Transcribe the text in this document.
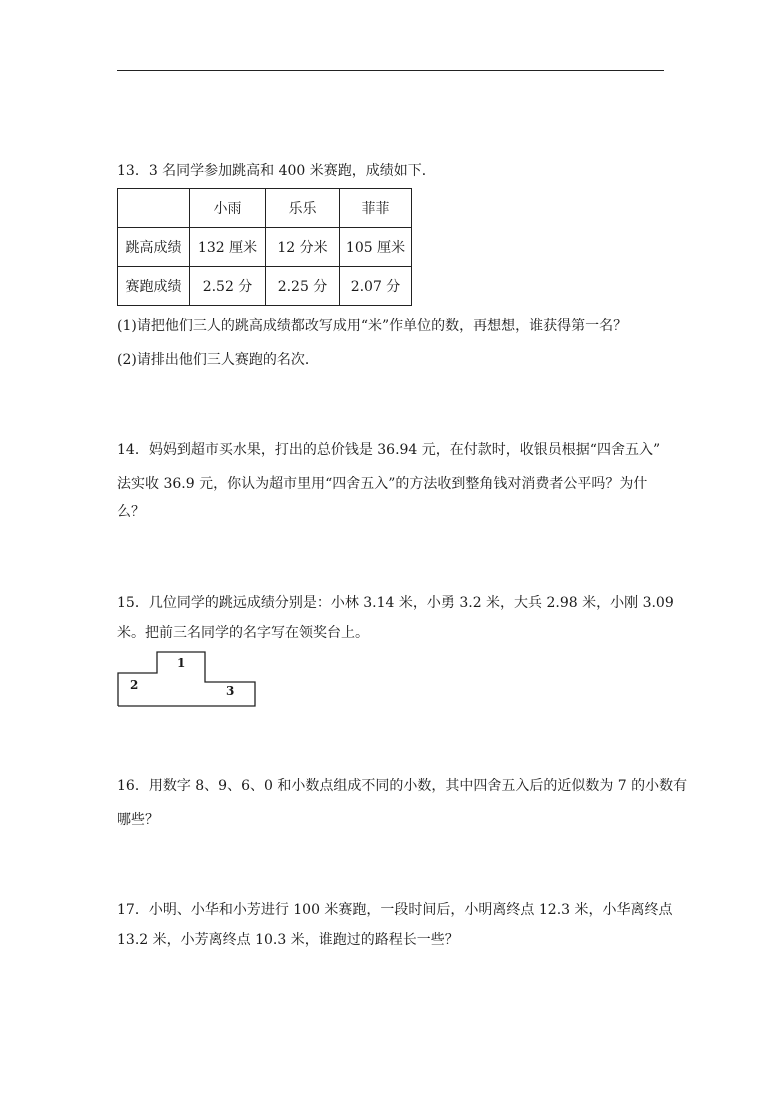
13．3 名同学参加跳高和 400 米赛跑，成绩如下．
	小雨	乐乐	菲菲
跳高成绩	132 厘米	12 分米	105 厘米
赛跑成绩	2.52 分	2.25 分	2.07 分
(1)请把他们三人的跳高成绩都改写成用“米”作单位的数，再想想，谁获得第一名？
(2)请排出他们三人赛跑的名次．
14．妈妈到超市买水果，打出的总价钱是 36.94 元，在付款时，收银员根据“四舍五入”
法实收 36.9 元，你认为超市里用“四舍五入”的方法收到整角钱对消费者公平吗？为什
么？
15．几位同学的跳远成绩分别是：小林 3.14 米，小勇 3.2 米，大兵 2.98 米，小刚 3.09
米。把前三名同学的名字写在领奖台上。
1
2	3
16．用数字 8、9、6、0 和小数点组成不同的小数，其中四舍五入后的近似数为 7 的小数有
哪些？
17．小明、小华和小芳进行 100 米赛跑，一段时间后，小明离终点 12.3 米，小华离终点
13.2 米，小芳离终点 10.3 米，谁跑过的路程长一些？
